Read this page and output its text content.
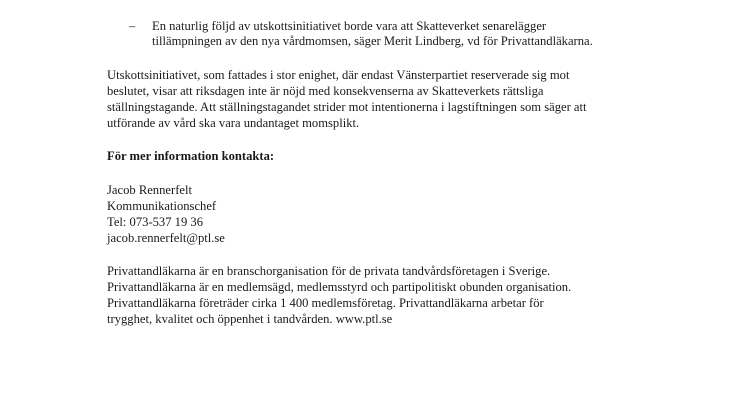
– En naturlig följd av utskottsinitiativet borde vara att Skatteverket senarelägger
tillämpningen av den nya vårdmomsen, säger Merit Lindberg, vd för Privattandläkarna.
Utskottsinitiativet, som fattades i stor enighet, där endast Vänsterpartiet reserverade sig mot
beslutet, visar att riksdagen inte är nöjd med konsekvenserna av Skatteverkets rättsliga
ställningstagande. Att ställningstagandet strider mot intentionerna i lagstiftningen som säger att
utförande av vård ska vara undantaget momsplikt.
För mer information kontakta:
Jacob Rennerfelt
Kommunikationschef
Tel: 073-537 19 36
jacob.rennerfelt@ptl.se
Privattandläkarna är en branschorganisation för de privata tandvårdsföretagen i Sverige.
Privattandläkarna är en medlemsägd, medlemsstyrd och partipolitiskt obunden organisation.
Privattandläkarna företräder cirka 1 400 medlemsföretag. Privattandläkarna arbetar för
trygghet, kvalitet och öppenhet i tandvården. www.ptl.se
